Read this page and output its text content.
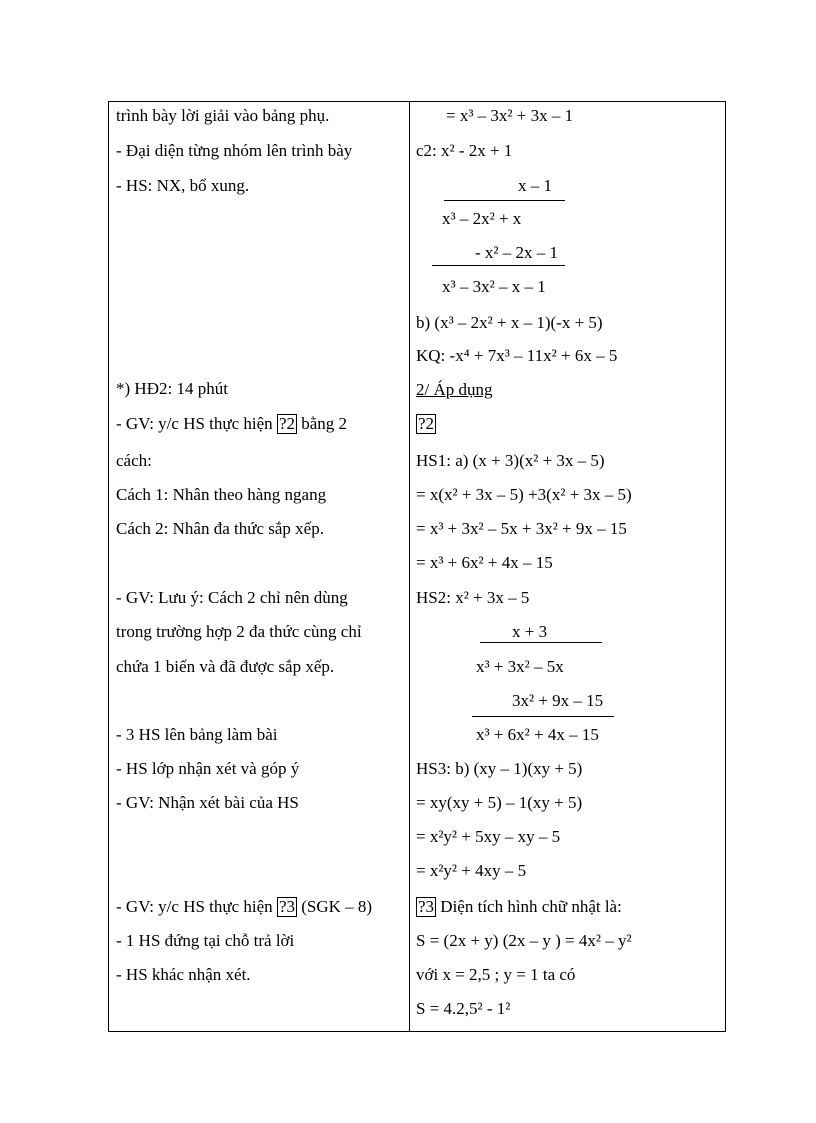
trình bày lời giải vào bảng phụ.
- Đại diện từng nhóm lên trình bày
- HS: NX, bổ xung.
*) HĐ2: 14 phút
- GV: y/c HS thực hiện ?2 bằng 2
cách:
Cách 1: Nhân theo hàng ngang
Cách 2: Nhân đa thức sắp xếp.
- GV: Lưu ý: Cách 2 chỉ nên dùng
trong trường hợp 2 đa thức cùng chỉ
chứa 1 biến và đã được sắp xếp.
- 3 HS lên bảng làm bài
- HS lớp nhận xét và góp ý
- GV: Nhận xét bài của HS
- GV: y/c HS thực hiện ?3 (SGK – 8)
- 1 HS đứng tại chỗ trả lời
- HS khác nhận xét.
= x³ – 3x² + 3x – 1
c2: x² - 2x + 1
x – 1
x³ – 2x² + x
- x² – 2x – 1
x³ – 3x² – x – 1
b) (x³ – 2x² + x – 1)(-x + 5)
KQ: -x⁴ + 7x³ – 11x² + 6x – 5
2/ Áp dụng
?2
HS1: a) (x + 3)(x² + 3x – 5)
= x(x² + 3x – 5) +3(x² + 3x – 5)
= x³ + 3x² – 5x + 3x² + 9x – 15
= x³ + 6x² + 4x – 15
HS2: x² + 3x – 5
x + 3
x³ + 3x² – 5x
3x² + 9x – 15
x³ + 6x² + 4x – 15
HS3: b) (xy – 1)(xy + 5)
= xy(xy + 5) – 1(xy + 5)
= x²y² + 5xy – xy – 5
= x²y² + 4xy – 5
?3 Diện tích hình chữ nhật là:
S = (2x + y) (2x – y ) = 4x² – y²
với x = 2,5 ; y = 1 ta có
S = 4.2,5² - 1²
